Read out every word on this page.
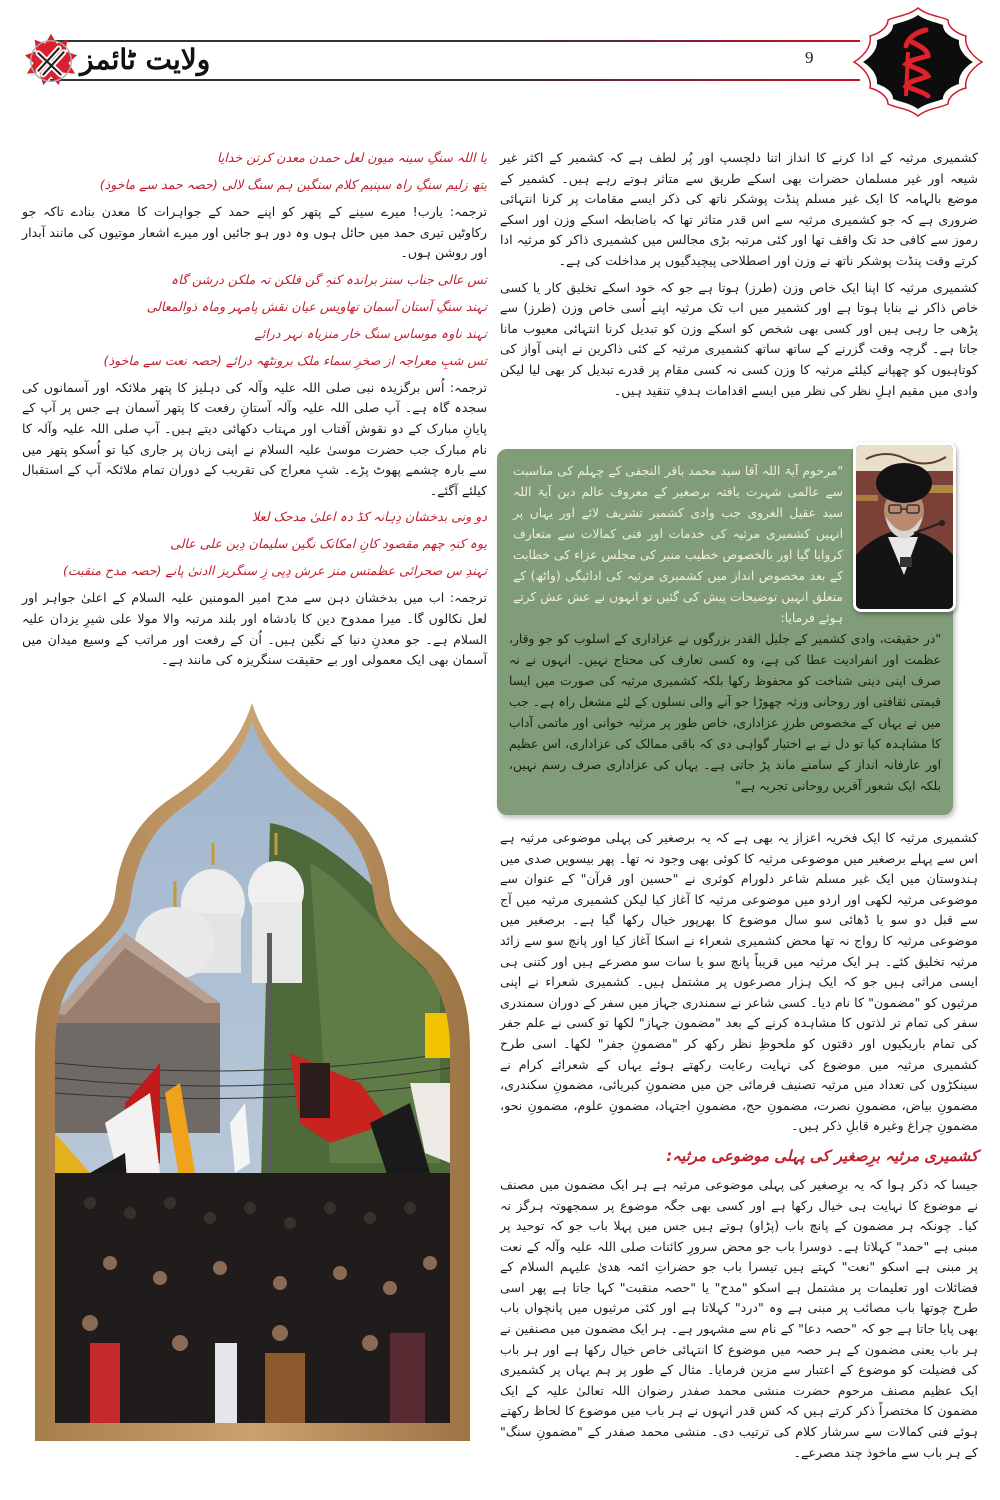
ولایت ٹائمز	9

کشمیری مرثیہ کے ادا کرنے کا انداز اتنا دلچسپ اور پُر لطف ہے کہ کشمیر کے اکثر غیر شیعہ اور غیر مسلمان حضرات بھی اسکے طریق سے متاثر ہوتے رہے ہیں۔ کشمیر کے موضع بالہامہ کا ایک غیر مسلم پنڈت پوشکر ناتھ کی ذکر ایسے مقامات پر کرنا انتہائی ضروری ہے کہ جو کشمیری مرثیہ سے اس قدر متاثر تھا کہ باضابطہ اسکے وزن اور اسکے رموز سے کافی حد تک واقف تھا اور کئی مرتبہ بڑی مجالس میں کشمیری ذاکر کو مرثیہ ادا کرتے وقت پنڈت پوشکر ناتھ نے وزن اور اصطلاحی پیچیدگیوں پر مداخلت کی ہے۔

کشمیری مرثیہ کا اپنا ایک خاص وزن (طرز) ہوتا ہے جو کہ خود اسکے تخلیق کار یا کسی خاص ذاکر نے بنایا ہوتا ہے اور کشمیر میں اب تک مرثیہ اپنے اُسی خاص وزن (طرز) سے پڑھی جا رہی ہیں اور کسی بھی شخص کو اسکے وزن کو تبدیل کرنا انتہائی معیوب مانا جاتا ہے۔ گرچہ وقت گزرنے کے ساتھ ساتھ کشمیری مرثیہ کے کئی ذاکرین نے اپنی آواز کی کوتاہیوں کو چھپانے کیلئے مرثیہ کا وزن کسی نہ کسی مقام پر قدرے تبدیل کر بھی لیا لیکن وادی میں مقیم اہلِ نظر کی نظر میں ایسے اقدامات ہدفِ تنقید ہیں۔

"مرحوم آیۃ اللہ آقا سید محمد باقر النجفی کے چہلم کی مناسبت سے عالمی شہرت یافتہ برصغیر کے معروف عالم دین آیۃ اللہ سید عقیل الغروی جب وادی کشمیر تشریف لائے اور یہاں پر انہیں کشمیری مرثیہ کی خدمات اور فنی کمالات سے متعارف کروایا گیا اور بالخصوص خطیب منبر کی مجلس عزاء کی خطابت کے بعد مخصوص انداز میں کشمیری مرثیہ کی ادائیگی (واٹھ) کے متعلق انہیں توضیحات پیش کی گئیں تو انہوں نے عش عش کرتے ہوئے فرمایا:

"در حقیقت، وادی کشمیر کے جلیل القدر بزرگوں نے عزاداری کے اسلوب کو جو وقار، عظمت اور انفرادیت عطا کی ہے، وہ کسی تعارف کی محتاج نہیں۔ انہوں نے نہ صرف اپنی دینی شناخت کو محفوظ رکھا بلکہ کشمیری مرثیہ کی صورت میں ایسا قیمتی ثقافتی اور روحانی ورثہ چھوڑا جو آنے والی نسلوں کے لئے مشعل راہ ہے۔ جب میں نے یہاں کے مخصوص طرزِ عزاداری، خاص طور پر مرثیہ خوانی اور ماتمی آداب کا مشاہدہ کیا تو دل نے بے اختیار گواہی دی کہ باقی ممالک کی عزاداری، اس عظیم اور عارفانہ انداز کے سامنے ماند پڑ جاتی ہے۔ یہاں کی عزاداری صرف رسم نہیں، بلکہ ایک شعور آفریں روحانی تجربہ ہے"

کشمیری مرثیہ کا ایک فخریہ اعزاز یہ بھی ہے کہ یہ برصغیر کی پہلی موضوعی مرثیہ ہے اس سے پہلے برصغیر میں موضوعی مرثیہ کا کوئی بھی وجود نہ تھا۔ پھر بیسویں صدی میں ہندوستان میں ایک غیر مسلم شاعر دلورام کوثری نے "حسین اور قرآن" کے عنوان سے موضوعی مرثیہ لکھی اور اردو میں موضوعی مرثیہ کا آغاز کیا لیکن کشمیری مرثیہ میں آج سے قبل دو سو یا ڈھائی سو سال موضوع کا بھرپور خیال رکھا گیا ہے۔ برصغیر میں موضوعی مرثیہ کا رواج نہ تھا محض کشمیری شعراء نے اسکا آغاز کیا اور پانچ سو سے زائد مرثیہ تخلیق کئے۔ ہر ایک مرثیہ میں قریباً پانچ سو یا سات سو مصرعے ہیں اور کتنی ہی ایسی مراثی ہیں جو کہ ایک ہزار مصرعوں پر مشتمل ہیں۔ کشمیری شعراء نے اپنی مرثیوں کو "مضمون" کا نام دیا۔ کسی شاعر نے سمندری جہاز میں سفر کے دوران سمندری سفر کی تمام تر لذتوں کا مشاہدہ کرنے کے بعد "مضمون جہاز" لکھا تو کسی نے علم جفر کی تمام باریکیوں اور دقتوں کو ملحوظِ نظر رکھ کر "مضمونِ جفر" لکھا۔ اسی طرح کشمیری مرثیہ میں موضوع کی نہایت رعایت رکھتے ہوئے یہاں کے شعرائے کرام نے سینکڑوں کی تعداد میں مرثیہ تصنیف فرمائی جن میں مضمونِ کبریائی، مضمونِ سکندری، مضمونِ بیاض، مضمونِ نصرت، مضمونِ حج، مضمونِ اجتہاد، مضمونِ علوم، مضمونِ نحو، مضمونِ چراغ وغیرہ قابلِ ذکر ہیں۔

کشمیری مرثیہ برِصغیر کی پہلی موضوعی مرثیہ:

جیسا کہ ذکر ہوا کہ یہ برِصغیر کی پہلی موضوعی مرثیہ ہے ہر ایک مضمون میں مصنف نے موضوع کا نہایت ہی خیال رکھا ہے اور کسی بھی جگہ موضوع پر سمجھوتہ ہرگز نہ کیا۔ چونکہ ہر مضمون کے پانچ باب (پڑاو) ہوتے ہیں جس میں پہلا باب جو کہ توحید پر مبنی ہے "حمد" کہلاتا ہے۔ دوسرا باب جو محض سرورِ کائنات صلی اللہ علیہ وآلہ کے نعت پر مبنی ہے اسکو "نعت" کہتے ہیں تیسرا باب جو حضراتِ ائمہ ھدیٰ علیہم السلام کے فضائلات اور تعلیمات پر مشتمل ہے اسکو "مدح" یا "حصہ منقبت" کہا جاتا ہے پھر اسی طرح چوتھا باب مصائب پر مبنی ہے وہ "درد" کہلاتا ہے اور کئی مرثیوں میں پانچواں باب بھی پایا جاتا ہے جو کہ "حصہ دعا" کے نام سے مشہور ہے۔ ہر ایک مضمون میں مصنفین نے ہر باب یعنی مضمون کے ہر حصہ میں موضوع کا انتہائی خاص خیال رکھا ہے اور ہر باب کی فضیلت کو موضوع کے اعتبار سے مزین فرمایا۔ مثال کے طور پر ہم یہاں پر کشمیری ایک عظیم مصنف مرحوم حضرت منشی محمد صفدر رضوان اللہ تعالیٰ علیہ کے ایک مضمون کا مختصراً ذکر کرتے ہیں کہ کس قدر انہوں نے ہر باب میں موضوع کا لحاظ رکھتے ہوئے فنی کمالات سے سرشار کلام کی ترتیب دی۔ منشی محمد صفدر کے "مضمونِ سنگ" کے ہر باب سے ماخوذ چند مصرعے۔

یا اللہ سنگِ سینہ میون لعل حمدن معدن کرتن خدایا

یتھ زلیم سنگِ راہ سپنیم کلام سنگین ہم سنگ لالی (حصہ حمد سے ماخوذ)

ترجمہ: یارب! میرے سینے کے پتھر کو اپنے حمد کے جواہرات کا معدن بنادے تاکہ جو رکاوٹیں تیری حمد میں حائل ہوں وہ دور ہو جائیں اور میرے اشعار موتیوں کی مانند آبدار اور روشن ہوں۔

تس عالی جناب سنز براندہ کنہِ گن فلکن تہ ملکن درشن گاہ

تہند سنگِ آستان آسمان تھاویس عیان نقش پامہر وماہ ذوالمعالی

تہند ناوہ موساس سنگ خار منزیاہ نہر درائے

تس شبِ معراجہ از صخرِ سماء ملک برونٹھہ درائے (حصہ نعت سے ماخوذ)

ترجمہ: اُس برگزیدہ نبی صلی اللہ علیہ وآلہ کی دہلیز کا پتھر ملائکہ اور آسمانوں کی سجدہ گاہ ہے۔ آپ صلی اللہ علیہ وآلہ آستانِ رفعت کا پتھر آسمان ہے جس پر آپ کے پایانِ مبارک کے دو نقوش آفتاب اور مہتاب دکھائی دیتے ہیں۔ آپ صلی اللہ علیہ وآلہ کا نام مبارک جب حضرت موسیٰ علیہ السلام نے اپنی زبان پر جاری کیا تو اُسکو پتھر میں سے بارہ چشمے پھوٹ پڑے۔ شبِ معراج کی تقریب کے دوران تمام ملائکہ آپ کے استقبال کیلئے آگئے۔

دو ونی بدخشان دِہانہ کڈ دہ اعلیٰ مدحک لعلا

یوہ کنہِ چھم مقصود کانِ امکانک نگین سلیمان دِین علی عالی

تہندِ س صحرائی عظمتس منز عرش دِپی زِ سنگریز اادنیٰ پانے (حصہ مدح منقبت)

ترجمہ: اب میں بدخشان دہن سے مدح امیر المومنین علیہ السلام کے اعلیٰ جواہر اور لعل نکالوں گا۔ میرا ممدوح دین کا بادشاہ اور بلند مرتبہ والا مولا علی شیرِ یزدان علیہ السلام ہے۔ جو معدنِ دنیا کے نگین ہیں۔ اُن کے رفعت اور مراتب کے وسیع میدان میں آسمان بھی ایک معمولی اور بے حقیقت سنگریزہ کی مانند ہے۔
